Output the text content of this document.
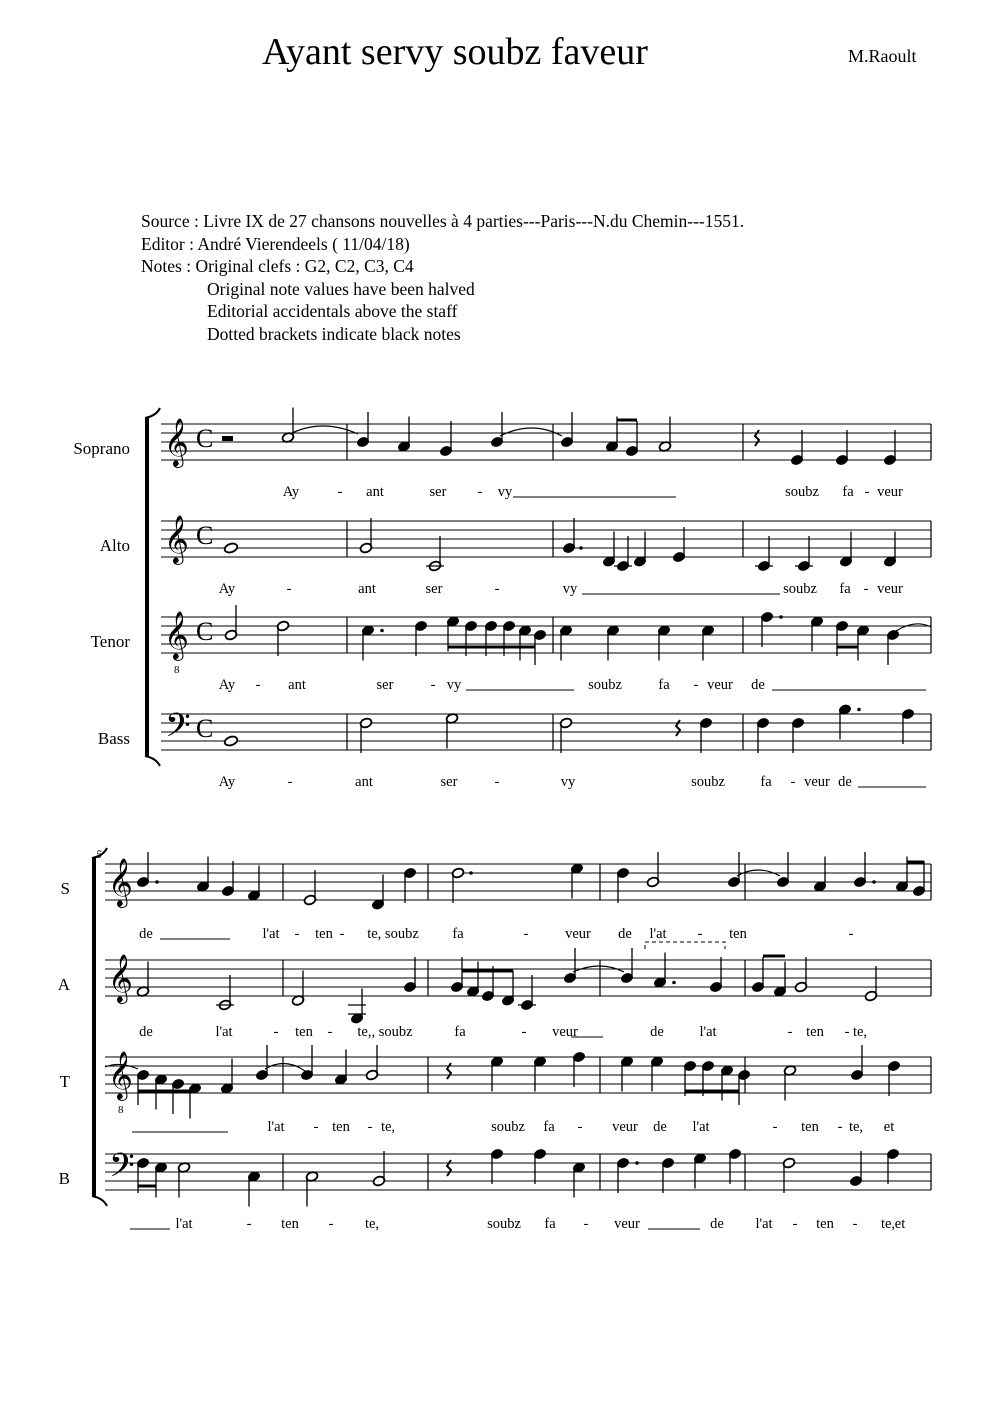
Ayant servy soubz faveur	M.Raoult
Source : Livre IX de 27 chansons nouvelles à 4 parties---Paris---N.du Chemin---1551.
Editor : André Vierendeels ( 11/04/18)
Notes : Original clefs : G2, C2, C3, C4
Original note values have been halved
Editorial accidentals above the staff
Dotted brackets indicate black notes
𝄞 C
Soprano
𝄞 C
Alto
𝄞
8
C
Tenor
𝄢 C
Bass
Ay	- ant	ser - vy	soubz fa - veur
Ay	-	ant	ser	-	vy	soubz fa - veur
Ay - ant	ser	- vy	soubz	fa - veur de
Ay	-	ant	ser	-	vy	soubz fa - veur de
5
𝄞
S
𝄞
A
𝄞
8
T
𝄢
B
de	l'at - ten - te, soubz fa	-	veur de l'at - ten	-
de	l'at	- ten - te,, soubz	fa	- veur	de l'at	- ten - te,
l'at - ten - te,	soubz fa - veur de l'at	- ten - te, et
l'at	- ten - te,	soubz fa - veur	de l'at - ten - te, et
